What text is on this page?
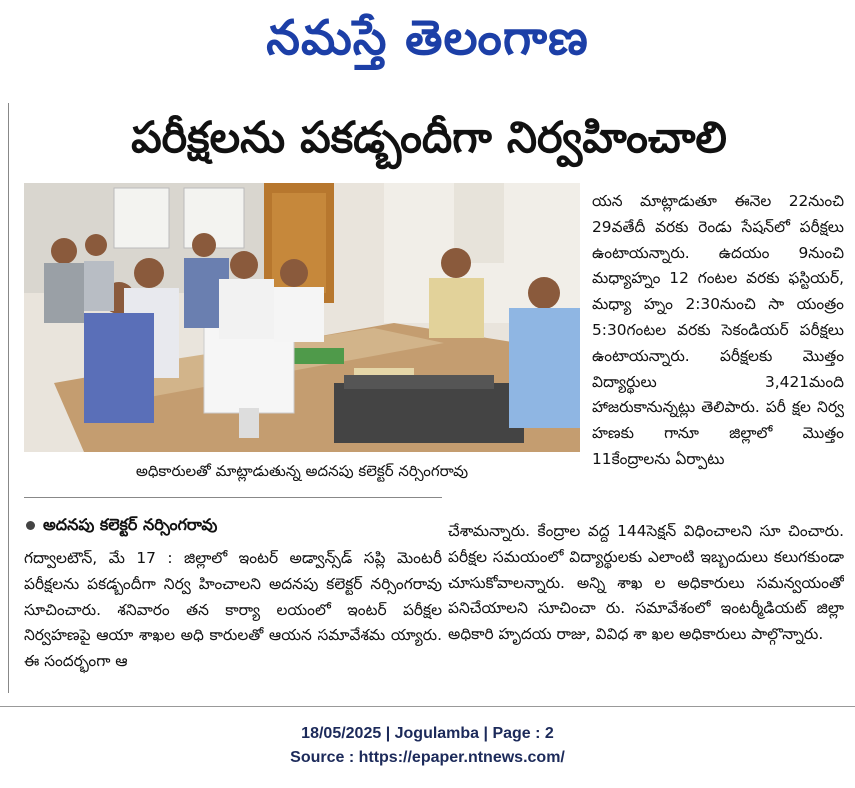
నమస్తే తెలంగాణ
పరీక్షలను పకడ్బందీగా నిర్వహించాలి
అధికారులతో మాట్లాడుతున్న అదనపు కలెక్టర్ నర్సింగరావు
అదనపు కలెక్టర్ నర్సింగరావు

గద్వాలటౌన్, మే 17 : జిల్లాలో ఇంటర్ అడ్వాన్స్‌డ్ సప్లి మెంటరీ పరీక్షలను పకడ్బందీగా నిర్వ హించాలని అదనపు కలెక్టర్ నర్సింగరావు సూచించారు. శనివారం తన కార్యా లయంలో ఇంటర్ పరీక్షల నిర్వహణపై ఆయా శాఖల అధి కారులతో ఆయన సమావేశమ య్యారు. ఈ సందర్భంగా ఆ

యన మాట్లాడుతూ ఈనెల 22నుంచి 29వతేదీ వరకు రెండు సేషన్‌లో పరీక్షలు ఉంటాయన్నారు. ఉదయం 9నుంచి మధ్యాహ్నం 12 గంటల వరకు ఫస్టియర్, మధ్యా హ్నం 2:30నుంచి సా యంత్రం 5:30గంటల వరకు సెకండియర్ పరీక్షలు ఉంటాయన్నారు. పరీక్షలకు మొత్తం విద్యార్థులు 3,421మంది హాజరుకానున్నట్లు తెలిపారు. పరీ క్షల నిర్వ హణకు గానూ జిల్లాలో మొత్తం 11కేంద్రాలను ఏర్పాటు

చేశామన్నారు. కేంద్రాల వద్ద 144సెక్షన్ విధించాలని సూ చించారు. పరీక్షల సమయంలో విద్యార్థులకు ఎలాంటి ఇబ్బందులు కలుగకుండా చూసుకోవాలన్నారు. అన్ని శాఖ ల అధికారులు సమన్వయంతో పనిచేయాలని సూచించా రు. సమావేశంలో ఇంటర్మీడియట్ జిల్లా అధికారి హృదయ రాజు, వివిధ శా ఖల అధికారులు పాల్గొన్నారు.

18/05/2025 | Jogulamba | Page : 2
Source : https://epaper.ntnews.com/
